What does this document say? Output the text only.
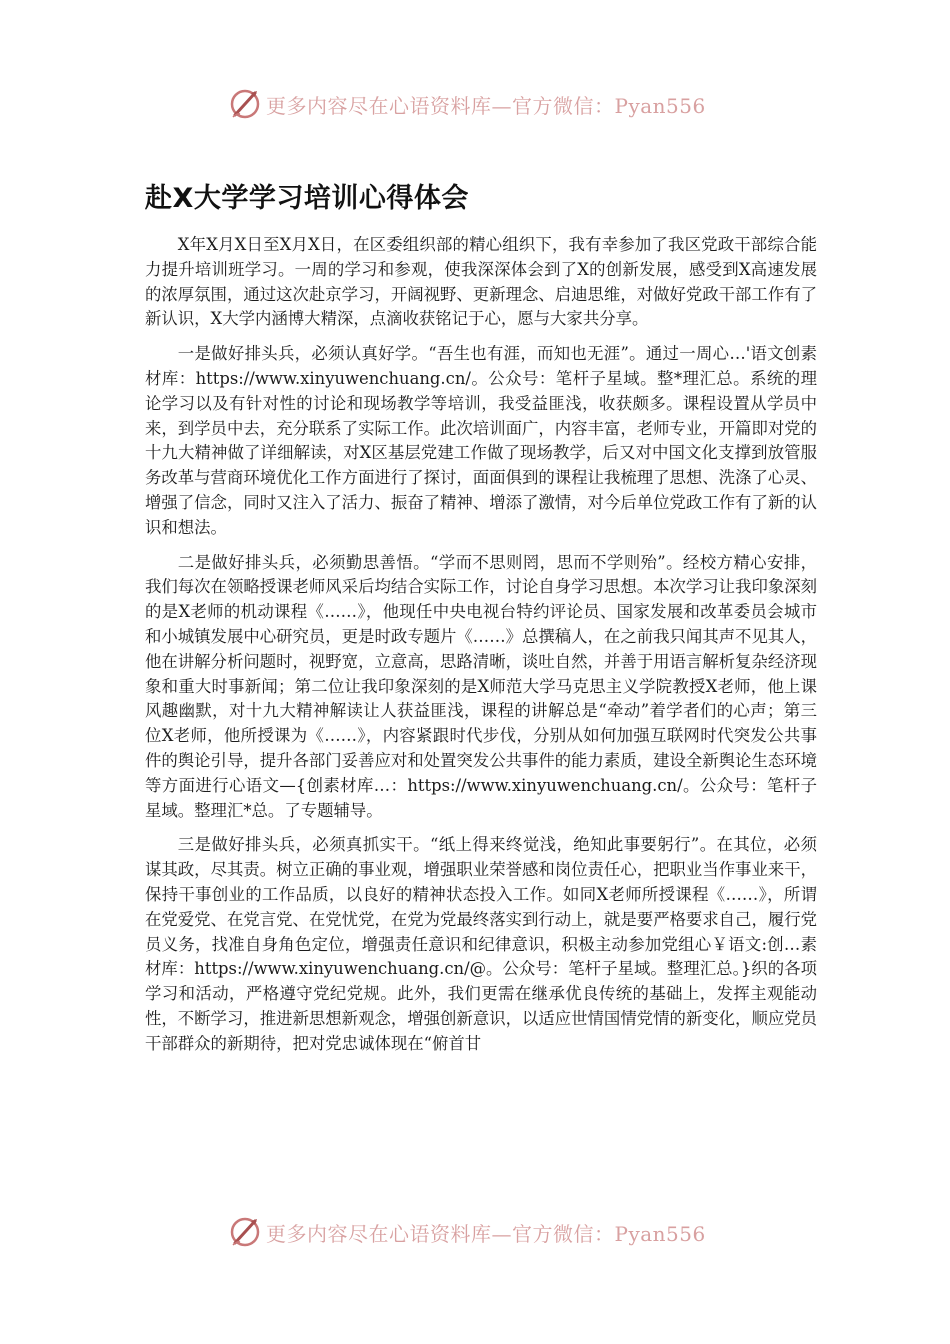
更多内容尽在心语资料库—官方微信：Pyan556
赴X大学学习培训心得体会

X年X月X日至X月X日，在区委组织部的精心组织下，我有幸参加了我区党政干部综合能力提升培训班学习。一周的学习和参观，使我深深体会到了X的创新发展，感受到X高速发展的浓厚氛围，通过这次赴京学习，开阔视野、更新理念、启迪思维，对做好党政干部工作有了新认识，X大学内涵博大精深，点滴收获铭记于心，愿与大家共分享。

一是做好排头兵，必须认真好学。“吾生也有涯，而知也无涯”。通过一周心…'语文创素材库：https://www.xinyuwenchuang.cn/。公众号：笔杆子星域。整*理汇总。系统的理论学习以及有针对性的讨论和现场教学等培训，我受益匪浅，收获颇多。课程设置从学员中来，到学员中去，充分联系了实际工作。此次培训面广，内容丰富，老师专业，开篇即对党的十九大精神做了详细解读，对X区基层党建工作做了现场教学，后又对中国文化支撑到放管服务改革与营商环境优化工作方面进行了探讨，面面俱到的课程让我梳理了思想、洗涤了心灵、增强了信念，同时又注入了活力、振奋了精神、增添了激情，对今后单位党政工作有了新的认识和想法。

二是做好排头兵，必须勤思善悟。“学而不思则罔，思而不学则殆”。经校方精心安排，我们每次在领略授课老师风采后均结合实际工作，讨论自身学习思想。本次学习让我印象深刻的是X老师的机动课程《……》，他现任中央电视台特约评论员、国家发展和改革委员会城市和小城镇发展中心研究员，更是时政专题片《……》总撰稿人，在之前我只闻其声不见其人，他在讲解分析问题时，视野宽，立意高，思路清晰，谈吐自然，并善于用语言解析复杂经济现象和重大时事新闻；第二位让我印象深刻的是X师范大学马克思主义学院教授X老师，他上课风趣幽默，对十九大精神解读让人获益匪浅，课程的讲解总是“牵动”着学者们的心声；第三位X老师，他所授课为《……》，内容紧跟时代步伐，分别从如何加强互联网时代突发公共事件的舆论引导，提升各部门妥善应对和处置突发公共事件的能力素质，建设全新舆论生态环境等方面进行心语文—{创素材库…：https://www.xinyuwenchuang.cn/。公众号：笔杆子星域。整理汇*总。了专题辅导。

三是做好排头兵，必须真抓实干。“纸上得来终觉浅，绝知此事要躬行”。在其位，必须谋其政，尽其责。树立正确的事业观，增强职业荣誉感和岗位责任心，把职业当作事业来干，保持干事创业的工作品质，以良好的精神状态投入工作。如同X老师所授课程《……》，所谓在党爱党、在党言党、在党忧党，在党为党最终落实到行动上，就是要严格要求自己，履行党员义务，找准自身角色定位，增强责任意识和纪律意识，积极主动参加党组心￥语文:创…素材库：https://www.xinyuwenchuang.cn/@。公众号：笔杆子星域。整理汇总。}织的各项学习和活动，严格遵守党纪党规。此外，我们更需在继承优良传统的基础上，发挥主观能动性，不断学习，推进新思想新观念，增强创新意识，以适应世情国情党情的新变化，顺应党员干部群众的新期待，把对党忠诚体现在“俯首甘

更多内容尽在心语资料库—官方微信：Pyan556
